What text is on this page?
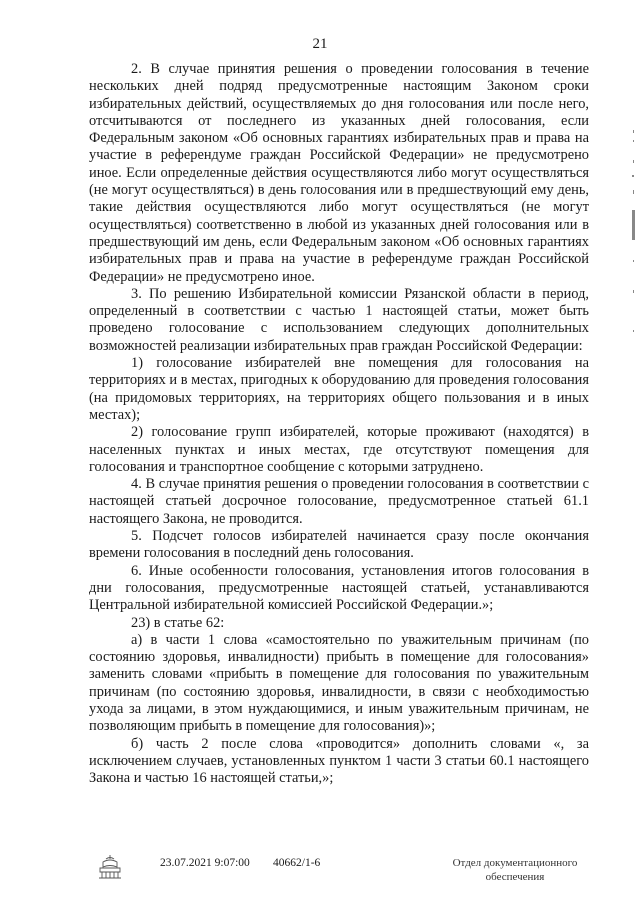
21

2. В случае принятия решения о проведении голосования в течение нескольких дней подряд предусмотренные настоящим Законом сроки избирательных действий, осуществляемых до дня голосования или после него, отсчитываются от последнего из указанных дней голосования, если Федеральным законом «Об основных гарантиях избирательных прав и права на участие в референдуме граждан Российской Федерации» не предусмотрено иное. Если определенные действия осуществляются либо могут осуществляться (не могут осуществляться) в день голосования или в предшествующий ему день, такие действия осуществляются либо могут осуществляться (не могут осуществляться) соответственно в любой из указанных дней голосования или в предшествующий им день, если Федеральным законом «Об основных гарантиях избирательных прав и права на участие в референдуме граждан Российской Федерации» не предусмотрено иное.

3. По решению Избирательной комиссии Рязанской области в период, определенный в соответствии с частью 1 настоящей статьи, может быть проведено голосование с использованием следующих дополнительных возможностей реализации избирательных прав граждан Российской Федерации:

1) голосование избирателей вне помещения для голосования на территориях и в местах, пригодных к оборудованию для проведения голосования (на придомовых территориях, на территориях общего пользования и в иных местах);

2) голосование групп избирателей, которые проживают (находятся) в населенных пунктах и иных местах, где отсутствуют помещения для голосования и транспортное сообщение с которыми затруднено.

4. В случае принятия решения о проведении голосования в соответствии с настоящей статьей досрочное голосование, предусмотренное статьей 61.1 настоящего Закона, не проводится.

5. Подсчет голосов избирателей начинается сразу после окончания времени голосования в последний день голосования.

6. Иные особенности голосования, установления итогов голосования в дни голосования, предусмотренные настоящей статьей, устанавливаются Центральной избирательной комиссией Российской Федерации.»;

23) в статье 62:

а) в части 1 слова «самостоятельно по уважительным причинам (по состоянию здоровья, инвалидности) прибыть в помещение для голосования» заменить словами «прибыть в помещение для голосования по уважительным причинам (по состоянию здоровья, инвалидности, в связи с необходимостью ухода за лицами, в этом нуждающимися, и иным уважительным причинам, не позволяющим прибыть в помещение для голосования)»;

б) часть 2 после слова «проводится» дополнить словами «, за исключением случаев, установленных пунктом 1 части 3 статьи 60.1 настоящего Закона и частью 16 настоящей статьи,»;

23.07.2021 9:07:00 40662/1-6	Отдел документационного
обеспечения
